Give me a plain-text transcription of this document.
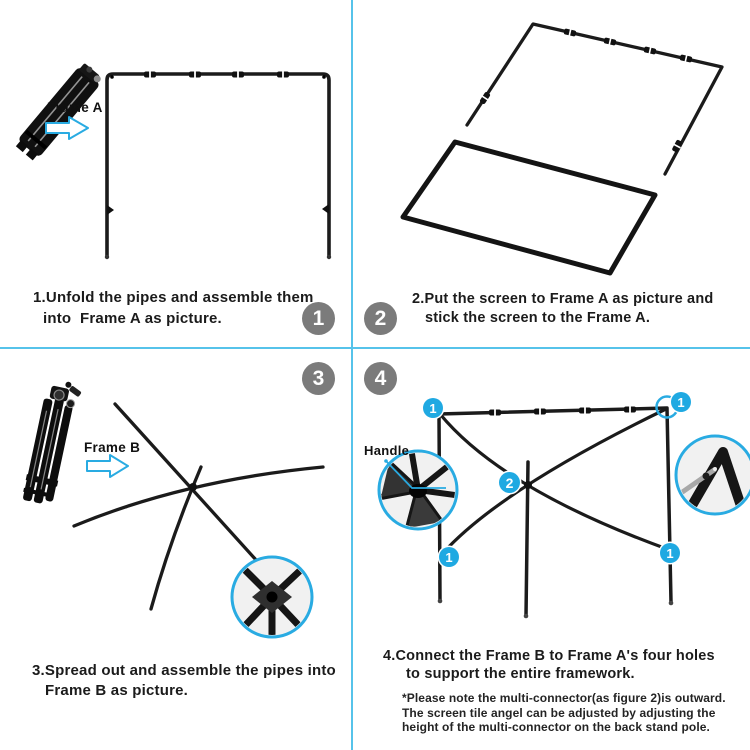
1	2
3	4
1	1
1	1
2
Frame A
Frame B	Handle
1.Unfold the pipes and assemble them
into  Frame A as picture.
2.Put the screen to Frame A as picture and
stick the screen to the Frame A.
3.Spread out and assemble the pipes into
Frame B as picture.
4.Connect the Frame B to Frame A's four holes
to support the entire framework.
*Please note the multi-connector(as figure 2)is outward.
The screen tile angel can be adjusted by adjusting the
height of the multi-connector on the back stand pole.
